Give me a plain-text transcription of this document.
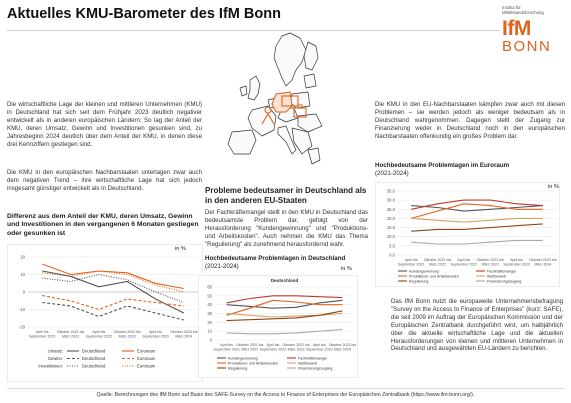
Aktuelles KMU-Barometer des IfM Bonn	Institut für
Mittelstandsforschung
IfM
BONN
Die wirtschaftliche Lage der kleinen und mittleren Unternehmen (KMU) in Deutschland hat sich seit dem Frühjahr 2023 deutlich negativer entwickelt als in anderen europäischen Ländern: So lag der Anteil der KMU, deren Umsatz, Gewinn und Investitionen gesunken sind, zu Jahresbeginn 2024 deutlich über dem Anteil der KMU, in denen diese drei Kennziffern gestiegen sind.
Die KMU in den europäischen Nachbarstaaten unterlagen zwar auch dem negativen Trend – ihre wirtschaftliche Lage hat sich jedoch insgesamt günstiger entwickelt als in Deutschland.
Differenz aus dem Anteil der KMU, deren Umsatz, Gewinn und Investitionen in den vergangenen 6 Monaten gestiegen oder gesunken ist
20
10
0
-10
-20
April bis
September 2021
Oktober 2021 bis
März 2022
April bis
September 2022
Oktober 2022 bis
März 2023
April bis
September 2023
Oktober 2023 bis
März 2024
Umsatz:	Deutschland	Euroraum
Gewinn:	Deutschland	Euroraum
Investitionen:	Deutschland	Euroraum
in %
Probleme bedeutsamer in Deutschland als in den anderen EU-Staaten
Der Fachkräftemangel stellt in den KMU in Deutschland das bedeutsamste Problem dar, gefolgt von der Herausforderung "Kundengewinnung" und "Produktions- und Arbeitskosten". Auch nehmen die KMU das Thema "Regulierung" als zunehmend herausfordernd wahr.
Hochbedeutsame Problemlagen in Deutschland
(2021-2024)
Deutschland
60
50
40
30
20
10
0
April bis
September 2021
Oktober 2021 bis
März 2022
April bis
September 2022
Oktober 2022 bis
März 2023
April bis
September 2023
Oktober 2023 bis
März 2024
Kundengewinnung	Fachkräftemangel
Produktions- und Arbeitskosten	Wettbewerb
Regulierung	Finanzierungszugang
in %
Die KMU in den EU-Nachbarstaaten kämpfen zwar auch mit diesen Problemen – sie werden jedoch als weniger bedeutsam als in Deutschland wahrgenommen. Dagegen stellt der Zugang zur Finanzierung weder in Deutschland noch in den europäischen Nachbarstaaten offenkundig ein großes Problem dar.
Hochbedeutsame Problemlagen im Euroraum
(2021-2024)
35.0
30.0
25.0
20.0
15.0
10.0
5.0
0.0
April bis
September 2021
Oktober 2021 bis
März 2022
April bis
September 2022
Oktober 2022 bis
März 2023
April bis
September 2023
Oktober 2023 bis
März 2024
Kundengewinnung	Fachkräftemangel
Produktions- und Arbeitskosten	Wettbewerb
Regulierung	Finanzierungszugang
in %
Das IfM Bonn nutzt die europaweite Unternehmensbefragung "Survey on the Access to Finance of Enterprises" (kurz: SAFE), die seit 2009 im Auftrag der Europäischen Kommission und der Europäischen Zentralbank durchgeführt wird, um halbjährlich über die aktuelle wirtschaftliche Lage und die aktuellen Herausforderungen von kleinen und mittleren Unternehmen in Deutschland und ausgewählten EU-Ländern zu berichten.
Quelle: Berechnungen des IfM Bonn auf Basis des SAFE-Survey on the Access to Finance of Enterprises der Europäischen Zentralbank (https://www.ifm-bonn.org/).
